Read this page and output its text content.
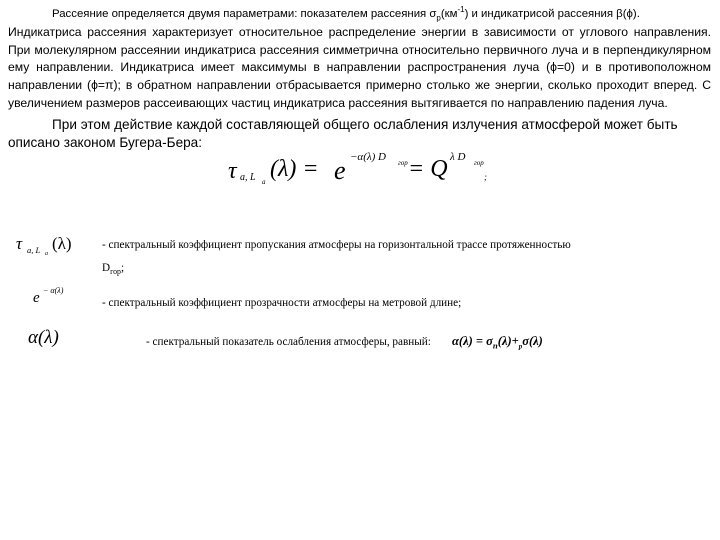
Рассеяние определяется двумя параметрами: показателем рассеяния $\sigma_р(км^{-1})$ и индикатрисой рассеяния β(ϕ).
Индикатриса рассеяния характеризует относительное распределение энергии в зависимости от углового направления. При молекулярном рассеянии индикатриса рассеяния симметрична относительно первичного луча и в перпендикулярном ему направлении. Индикатриса имеет максимумы в направлении распространения луча (ϕ=0) и в противоположном направлении (ϕ=π); в обратном направлении отбрасывается примерно столько же энергии, сколько проходит вперед. С увеличением размеров рассеивающих частиц индикатриса рассеяния вытягивается по направлению падения луча.

При этом действие каждой составляющей общего ослабления излучения атмосферой может быть описано законом Бугера-Бера:

τ а, L a (λ) = e −α(λ) D гор = Q λ D гор
;
τ a, L a
(λ)	- спектральный коэффициент пропускания атмосферы на горизонтальной трассе протяженностью
$D_{гор}$;
e − α(λ)
- спектральный коэффициент прозрачности атмосферы на метровой длине;
α(λ)	- спектральный показатель ослабления атмосферы, равный: $\alpha(\lambda) = \sigma_п(\lambda)+_р\sigma(\lambda)$
